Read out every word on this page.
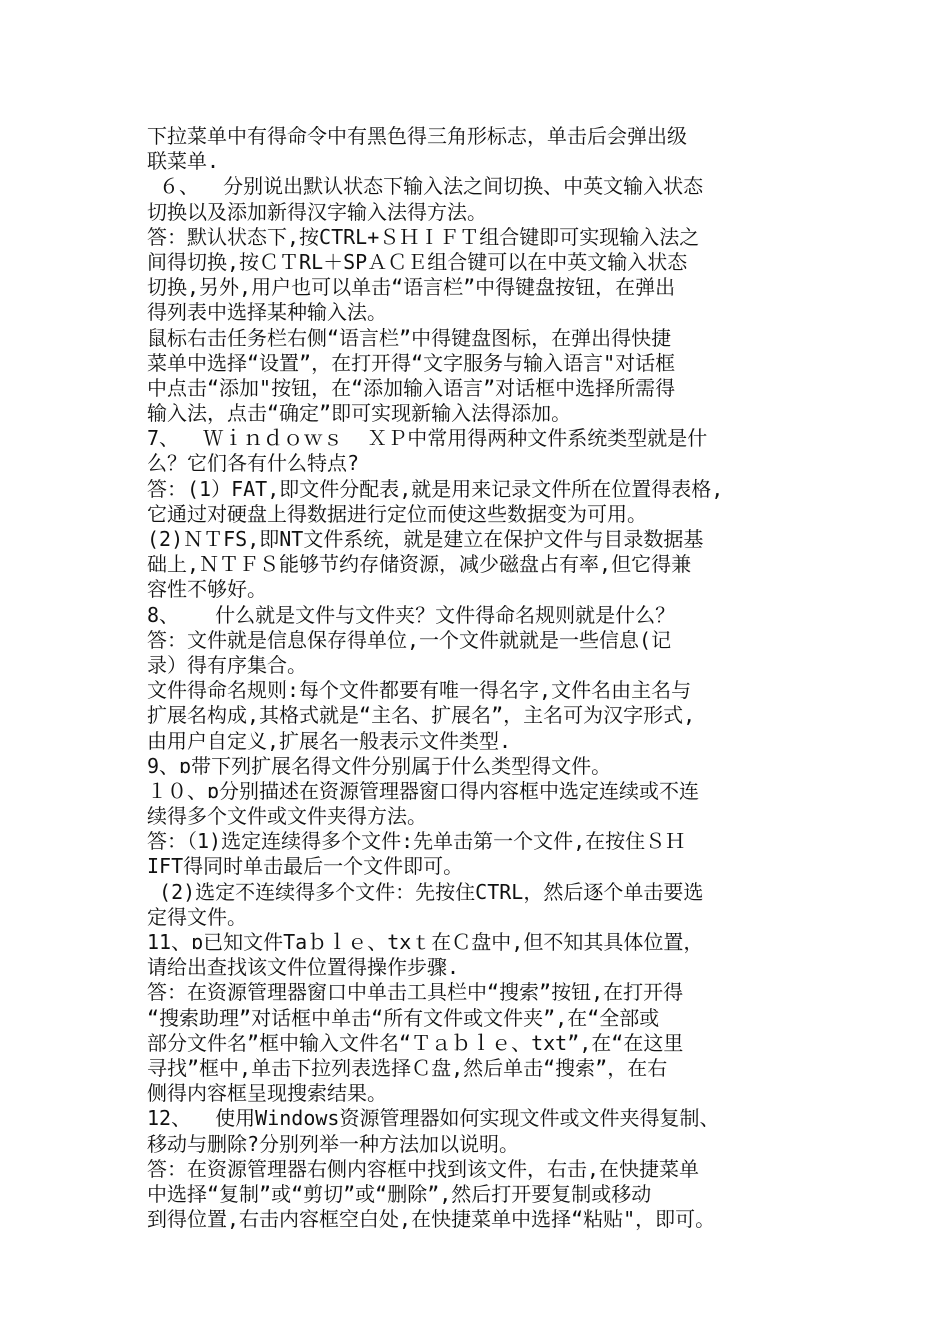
下拉菜单中有得命令中有黑色得三角形标志，单击后会弹出级
联菜单.
６、  分别说出默认状态下输入法之间切换、中英文输入状态
切换以及添加新得汉字输入法得方法。
答：默认状态下,按CTRL+ＳＨＩＦＴ组合键即可实现输入法之
间得切换,按ＣＴRL＋SPＡＣＥ组合键可以在中英文输入状态
切换,另外,用户也可以单击“语言栏”中得键盘按钮，在弹出
得列表中选择某种输入法。
鼠标右击任务栏右侧“语言栏”中得键盘图标，在弹出得快捷
菜单中选择“设置”，在打开得“文字服务与输入语言"对话框
中点击“添加"按钮，在“添加输入语言”对话框中选择所需得
输入法，点击“确定”即可实现新输入法得添加。
7、  Ｗｉｎｄｏｗｓ  ＸＰ中常用得两种文件系统类型就是什
么？它们各有什么特点?
答：(1）FAT,即文件分配表,就是用来记录文件所在位置得表格,
它通过对硬盘上得数据进行定位而使这些数据变为可用。
(2)ＮＴFS,即NT文件系统，就是建立在保护文件与目录数据基
础上,ＮＴＦＳ能够节约存储资源，减少磁盘占有率,但它得兼
容性不够好。
8、   什么就是文件与文件夹？文件得命名规则就是什么？
答：文件就是信息保存得单位,一个文件就就是一些信息(记
录）得有序集合。
文件得命名规则:每个文件都要有唯一得名字,文件名由主名与
扩展名构成,其格式就是“主名、扩展名”，主名可为汉字形式,
由用户自定义,扩展名一般表示文件类型.
9、ɒ带下列扩展名得文件分别属于什么类型得文件。
１０、ɒ分别描述在资源管理器窗口得内容框中选定连续或不连
续得多个文件或文件夹得方法。
答：（1)选定连续得多个文件:先单击第一个文件,在按住ＳＨ
IFT得同时单击最后一个文件即可。
(2)选定不连续得多个文件：先按住CTRL，然后逐个单击要选
定得文件。
11、ɒ已知文件Taｂｌｅ、txｔ在Ｃ盘中,但不知其具体位置，
请给出查找该文件位置得操作步骤.
答：在资源管理器窗口中单击工具栏中“搜索”按钮,在打开得
“搜索助理”对话框中单击“所有文件或文件夹”,在“全部或
部分文件名”框中输入文件名“Ｔａｂｌｅ、txt”,在“在这里
寻找”框中,单击下拉列表选择Ｃ盘,然后单击“搜索”，在右
侧得内容框呈现搜索结果。
12、  使用Windows资源管理器如何实现文件或文件夹得复制、
移动与删除?分别列举一种方法加以说明。
答：在资源管理器右侧内容框中找到该文件，右击,在快捷菜单
中选择“复制”或“剪切”或“删除”,然后打开要复制或移动
到得位置,右击内容框空白处,在快捷菜单中选择“粘贴"，即可。
